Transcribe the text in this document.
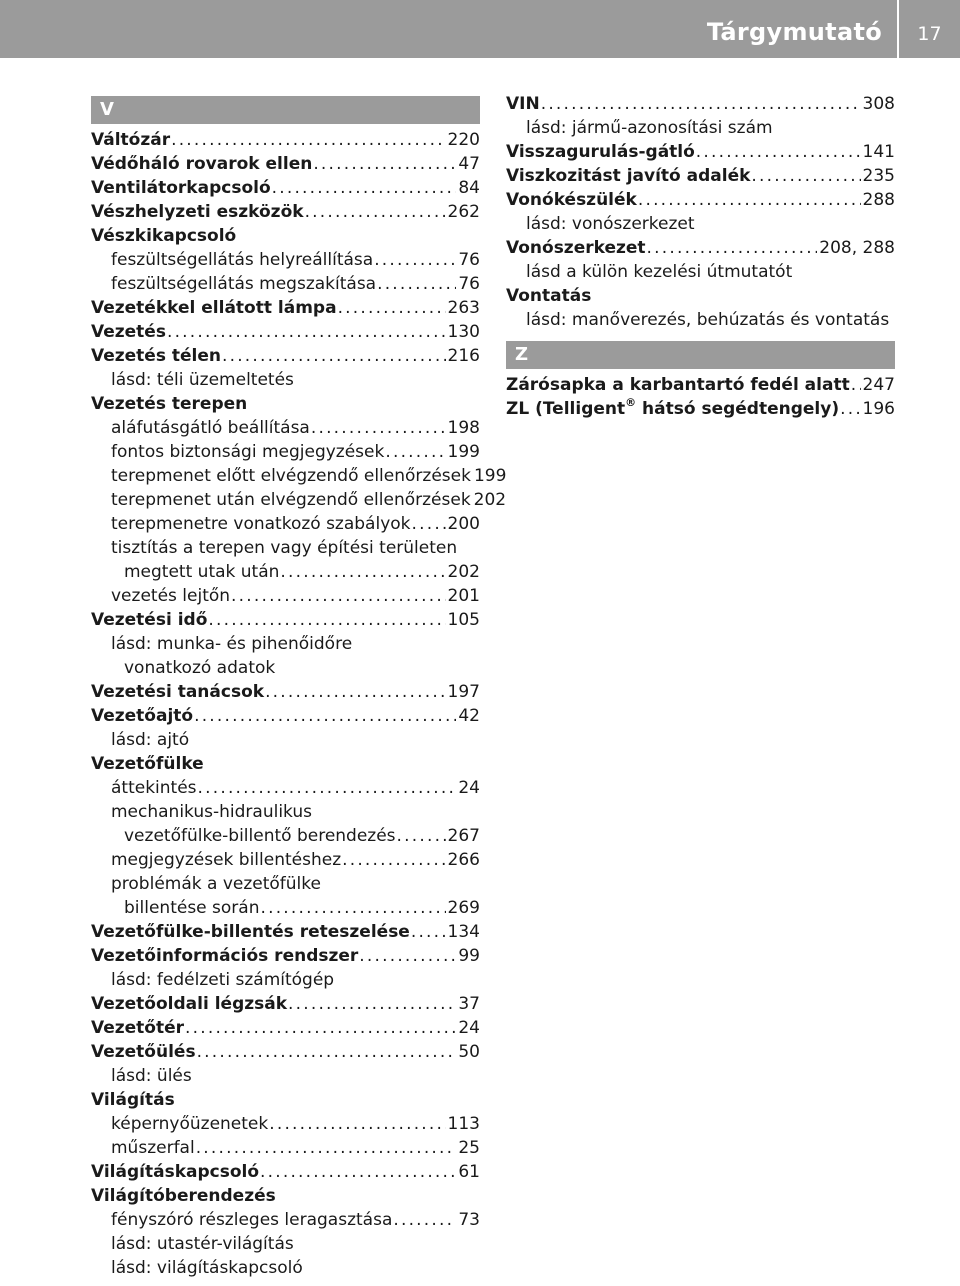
Tárgymutató	17
V
Váltózár .....	220
Védőháló rovarok ellen .....	47
Ventilátorkapcsoló .....	84
Vészhelyzeti eszközök .....	262
Vészkikapcsoló
feszültségellátás helyreállítása .....	76
feszültségellátás megszakítása .....	76
Vezetékkel ellátott lámpa .....	263
Vezetés .....	130
Vezetés télen .....	216
lásd: téli üzemeltetés
Vezetés terepen
aláfutásgátló beállítása .....	198
fontos biztonsági megjegyzések .....	199
terepmenet előtt elvégzendő ellenőrzések 199
terepmenet után elvégzendő ellenőrzések 202
terepmenetre vonatkozó szabályok ..... 200
tisztítás a terepen vagy építési területen
megtett utak után .....	202
vezetés lejtőn .....	201
Vezetési idő .....	105
lásd: munka- és pihenőidőre
vonatkozó adatok
Vezetési tanácsok .....	197
Vezetőajtó .....	42
lásd: ajtó
Vezetőfülke
áttekintés .....	24
mechanikus-hidraulikus
vezetőfülke-billentő berendezés .....	267
megjegyzések billentéshez .....	266
problémák a vezetőfülke
billentése során .....	269
Vezetőfülke-billentés reteszelése ..... 134
Vezetőinformációs rendszer .....	99
lásd: fedélzeti számítógép
Vezetőoldali légzsák .....	37
Vezetőtér .....	24
Vezetőülés .....	50
lásd: ülés
Világítás
képernyőüzenetek .....	113
műszerfal .....	25
Világításkapcsoló .....	61
Világítóberendezés
fényszóró részleges leragasztása .....	73
lásd: utastér-világítás
lásd: világításkapcsoló
VIN .....	308
lásd: jármű-azonosítási szám
Visszagurulás-gátló .....	141
Viszkozitást javító adalék .....	235
Vonókészülék .....	288
lásd: vonószerkezet
Vonószerkezet .....	208, 288
lásd a külön kezelési útmutatót
Vontatás
lásd: manőverezés, behúzatás és vontatás
Z
Zárósapka a karbantartó fedél alatt ..... 247
ZL (Telligent® hátsó segédtengely) ..... 196
